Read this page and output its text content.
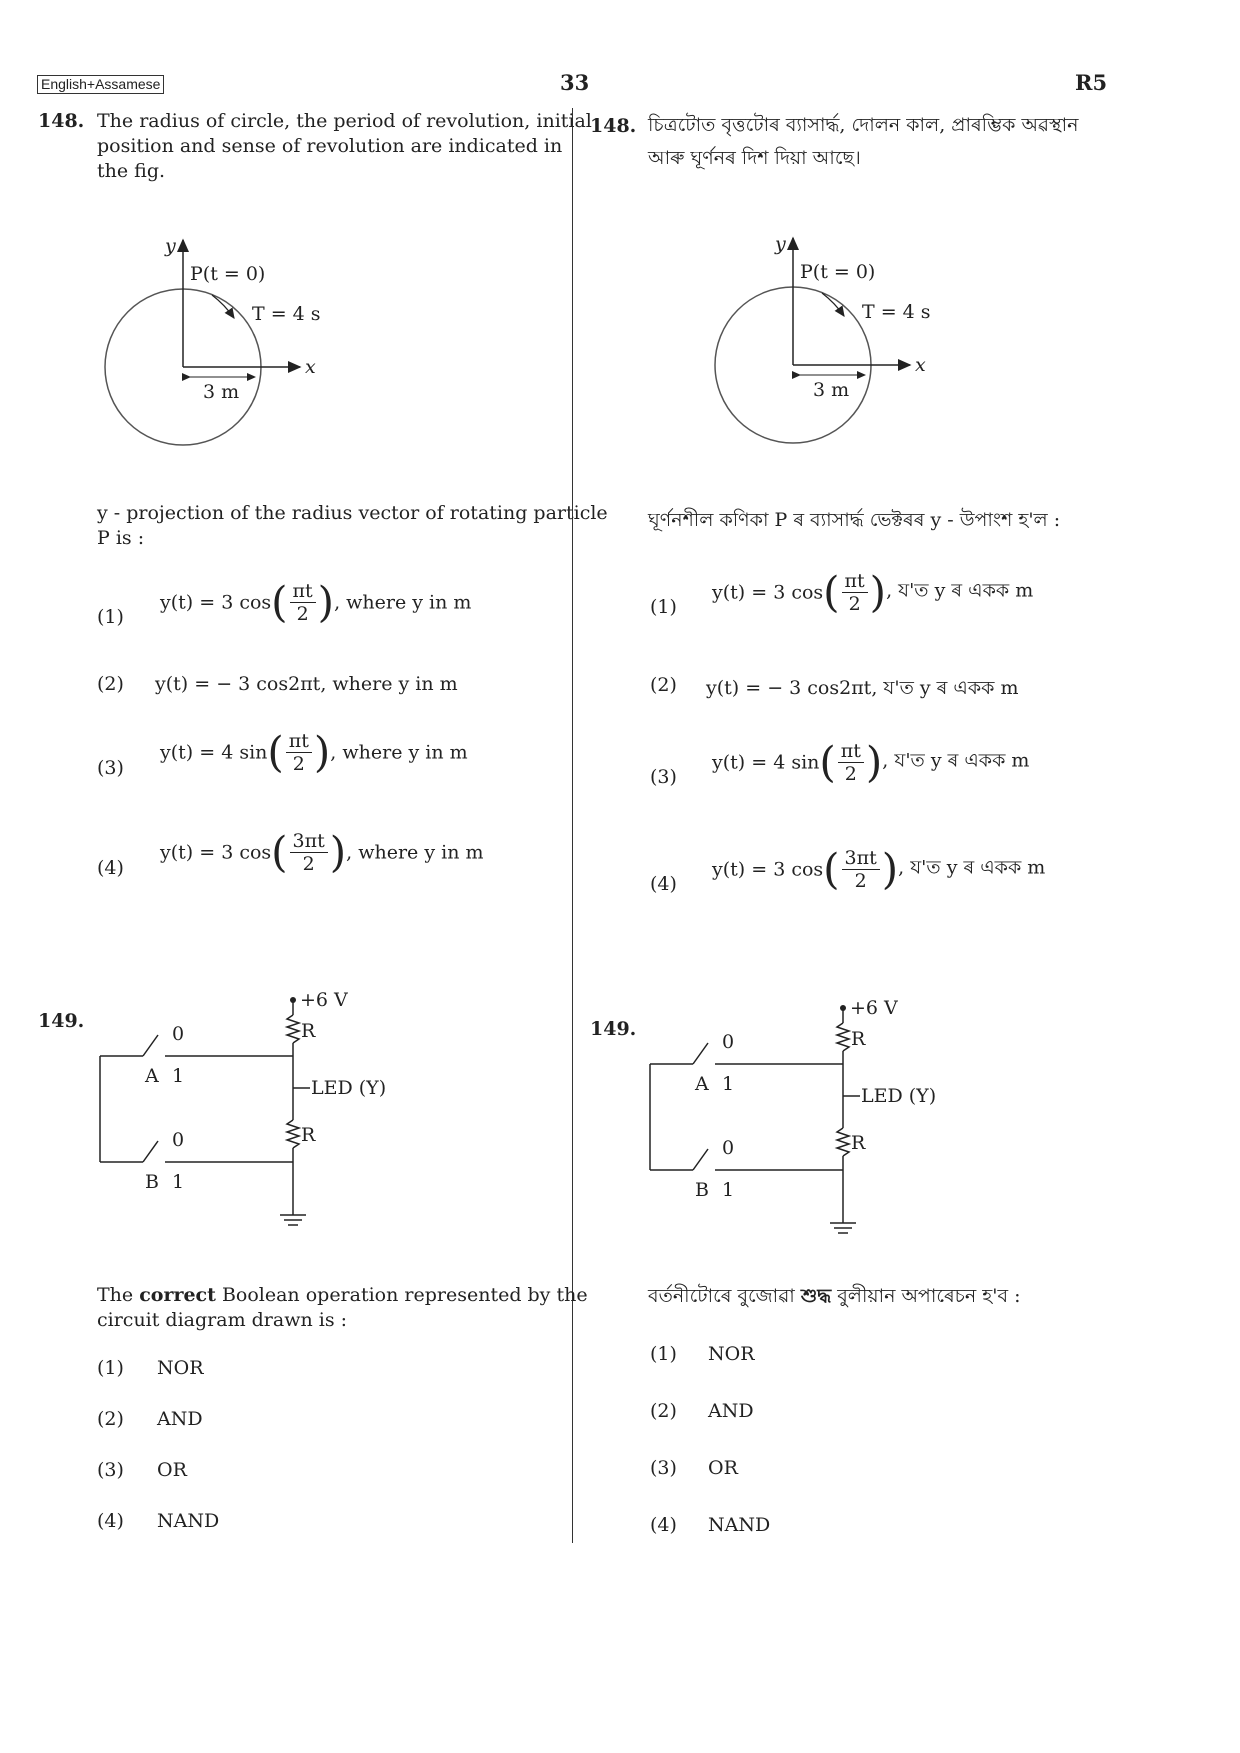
English+Assamese	33	R5
148. The radius of circle, the period of revolution, initial
position and sense of revolution are indicated in
the fig.
y
x
P(t = 0)
T = 4 s
3 m
y - projection of the radius vector of rotating particle
P is :
(1)
y(t) = 3 $\cos( \frac{\pi t}{2}$ ), where y in m
(2) y(t) = − 3 cos2πt, where y in m
(3)
y(t) = 4 $\sin( \frac{\pi t}{2}$ ), where y in m
(4)
y(t) = 3 $\cos( \frac{3\pi t}{2}$ ), where y in m
149.
+6 V
R
R
LED (Y)
0
A 1
0
B 1
The correct Boolean operation represented by the
circuit diagram drawn is :
(1) NOR
(2) AND
(3) OR
(4) NAND
148. চিত্ৰটোত বৃত্তটোৰ ব্যাসাৰ্দ্ধ, দোলন কাল, প্ৰাৰম্ভিক অৱস্থান
আৰু ঘূৰ্ণনৰ দিশ দিয়া আছে।
y
x
P(t = 0)
T = 4 s
3 m
ঘূৰ্ণনশীল কণিকা P ৰ ব্যাসাৰ্দ্ধ ভেক্টৰৰ y - উপাংশ হ'ল :
(1)
y(t) = 3 $\cos( \frac{\pi t}{2}$ ), য'ত y ৰ একক m
(2) y(t) = − 3 cos2πt, য'ত y ৰ একক m
(3)
y(t) = 4 $\sin( \frac{\pi t}{2}$ ), য'ত y ৰ একক m
(4)
y(t) = 3 $\cos( \frac{3\pi t}{2}$ ), য'ত y ৰ একক m
149.
+6 V
R
R
LED (Y)
0
A 1
0
B 1
বৰ্তনীটোৰে বুজোৱা শুদ্ধ বুলীয়ান অপাৰেচন হ'ব :
(1) NOR
(2) AND
(3) OR
(4) NAND
